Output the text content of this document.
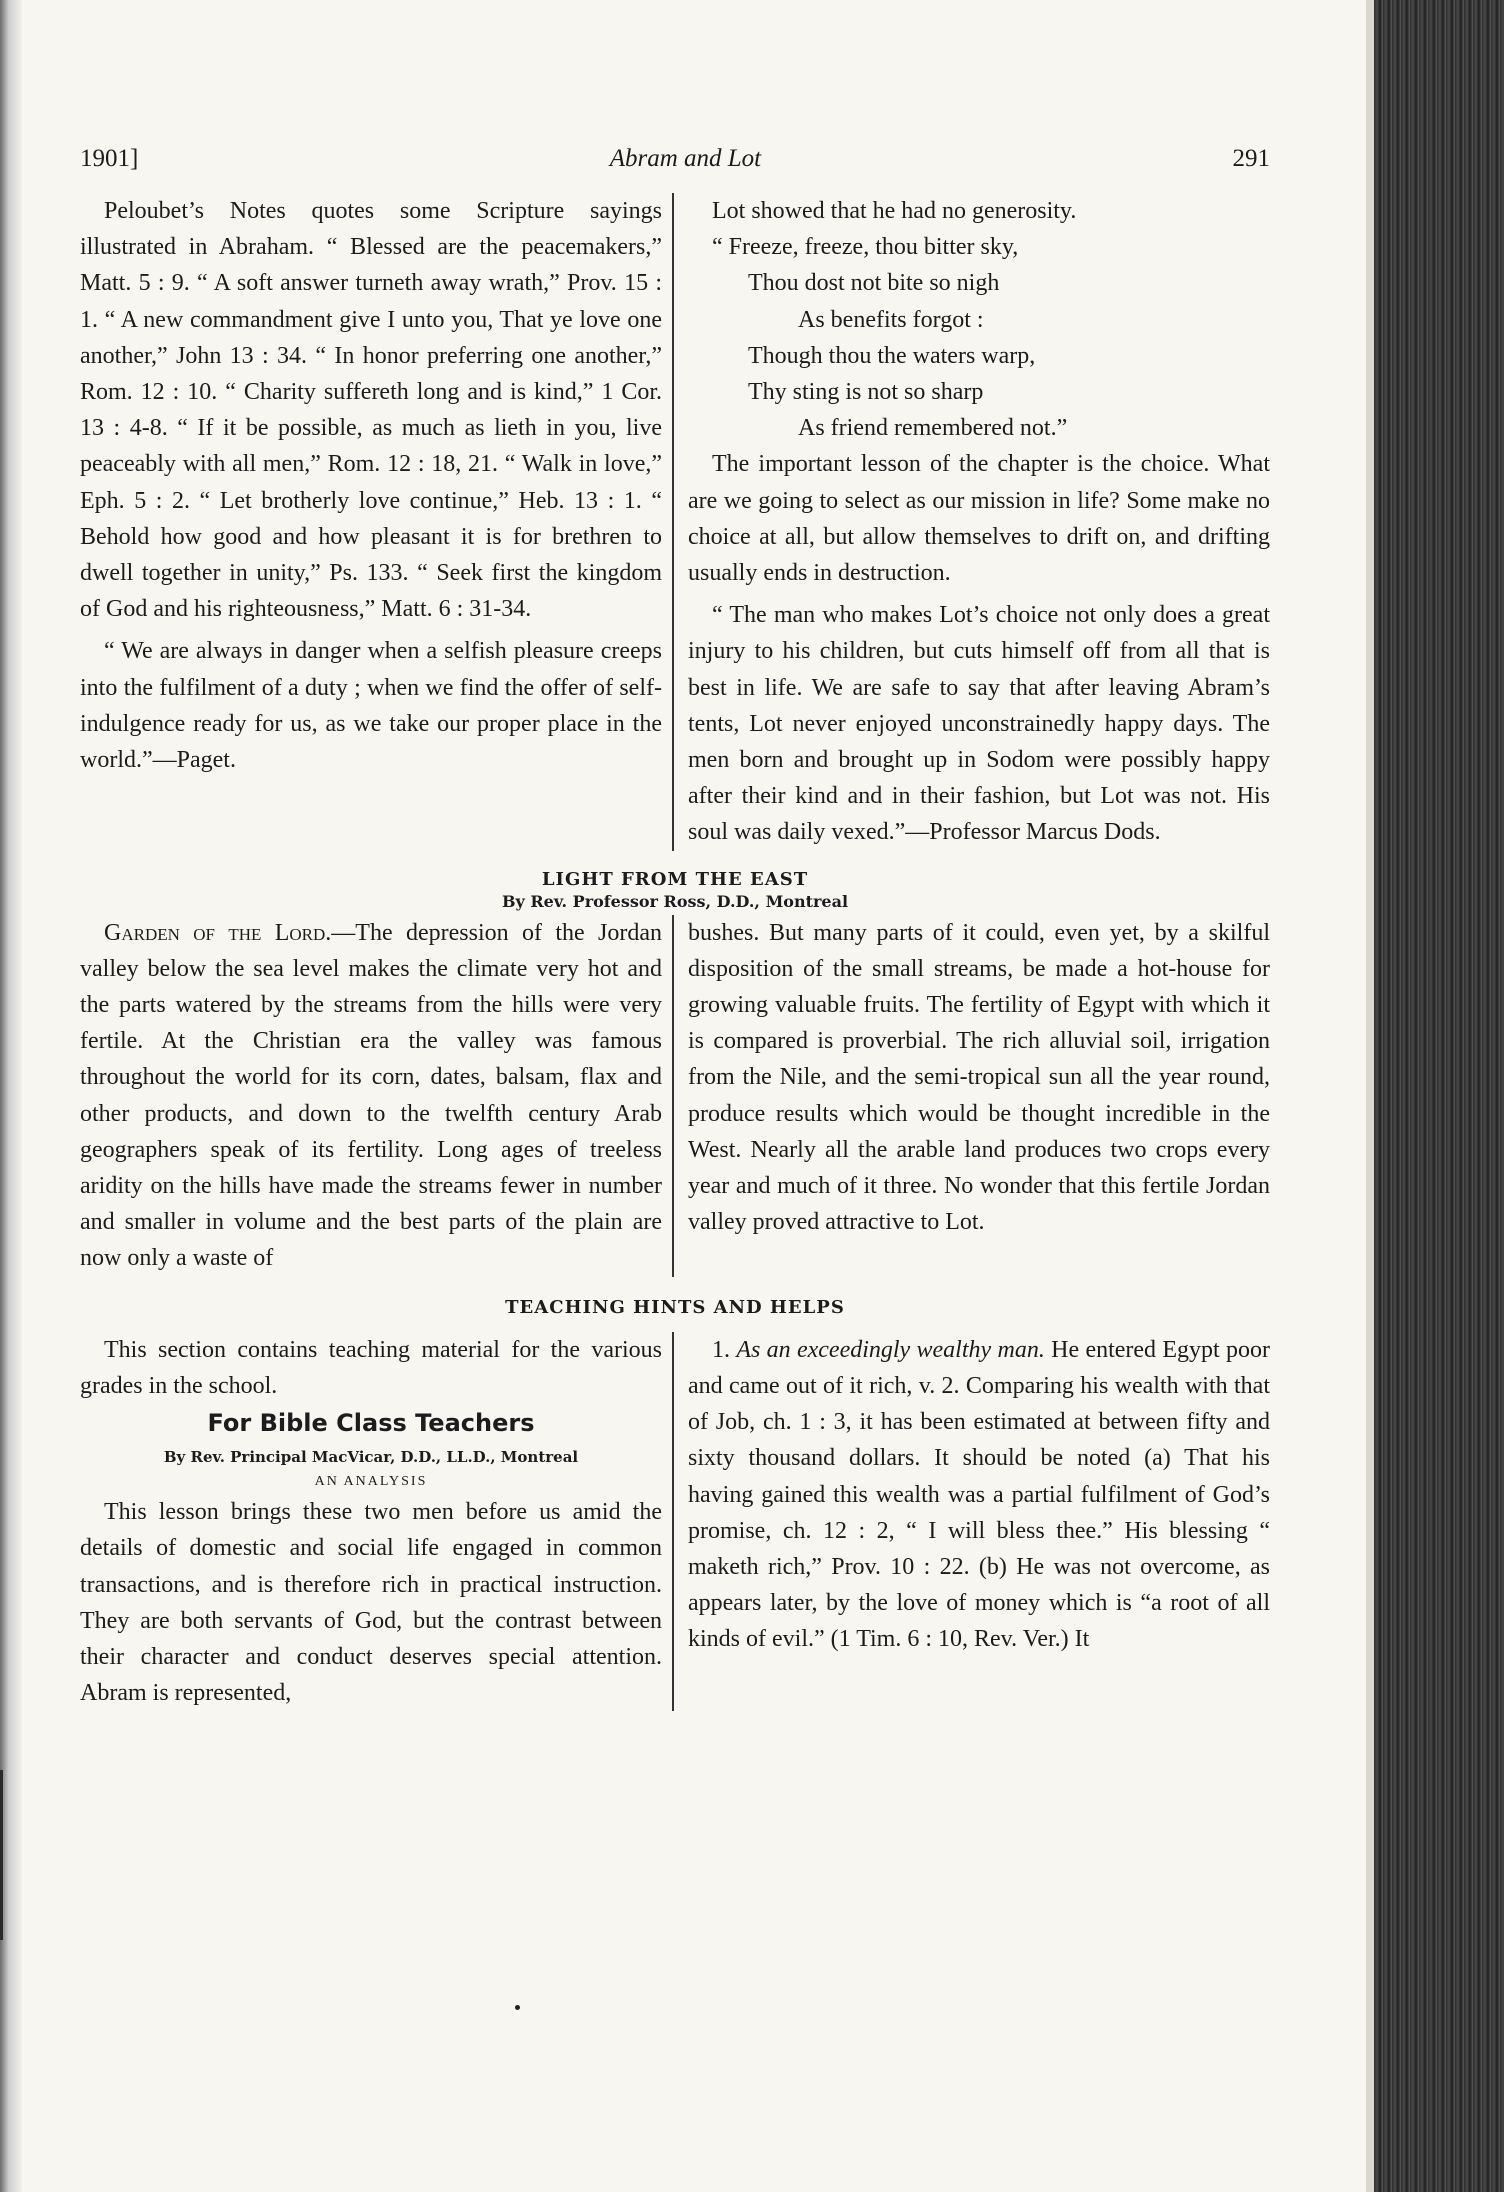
1901]	Abram and Lot	291

Peloubet’s Notes quotes some Scripture sayings illustrated in Abraham. “ Blessed are the peacemakers,” Matt. 5 : 9. “ A soft answer turneth away wrath,” Prov. 15 : 1. “ A new commandment give I unto you, That ye love one another,” John 13 : 34. “ In honor preferring one another,” Rom. 12 : 10. “ Charity suffereth long and is kind,” 1 Cor. 13 : 4-8. “ If it be possible, as much as lieth in you, live peaceably with all men,” Rom. 12 : 18, 21. “ Walk in love,” Eph. 5 : 2. “ Let brotherly love continue,” Heb. 13 : 1. “ Behold how good and how pleasant it is for brethren to dwell together in unity,” Ps. 133. “ Seek first the kingdom of God and his righteousness,” Matt. 6 : 31-34.

“ We are always in danger when a selfish pleasure creeps into the fulfilment of a duty ; when we find the offer of self-indulgence ready for us, as we take our proper place in the world.”—Paget.

Lot showed that he had no generosity.

“ Freeze, freeze, thou bitter sky,
Thou dost not bite so nigh
As benefits forgot :
Though thou the waters warp,
Thy sting is not so sharp
As friend remembered not.”

The important lesson of the chapter is the choice. What are we going to select as our mission in life? Some make no choice at all, but allow themselves to drift on, and drifting usually ends in destruction.

“ The man who makes Lot’s choice not only does a great injury to his children, but cuts himself off from all that is best in life. We are safe to say that after leaving Abram’s tents, Lot never enjoyed unconstrainedly happy days. The men born and brought up in Sodom were possibly happy after their kind and in their fashion, but Lot was not. His soul was daily vexed.”—Professor Marcus Dods.

LIGHT FROM THE EAST
By Rev. Professor Ross, D.D., Montreal

Garden of the Lord.—The depression of the Jordan valley below the sea level makes the climate very hot and the parts watered by the streams from the hills were very fertile. At the Christian era the valley was famous throughout the world for its corn, dates, balsam, flax and other products, and down to the twelfth century Arab geographers speak of its fertility. Long ages of treeless aridity on the hills have made the streams fewer in number and smaller in volume and the best parts of the plain are now only a waste of

bushes. But many parts of it could, even yet, by a skilful disposition of the small streams, be made a hot-house for growing valuable fruits. The fertility of Egypt with which it is compared is proverbial. The rich alluvial soil, irrigation from the Nile, and the semi-tropical sun all the year round, produce results which would be thought incredible in the West. Nearly all the arable land produces two crops every year and much of it three. No wonder that this fertile Jordan valley proved attractive to Lot.

TEACHING HINTS AND HELPS

This section contains teaching material for the various grades in the school.

For Bible Class Teachers
By Rev. Principal MacVicar, D.D., LL.D., Montreal
AN ANALYSIS

This lesson brings these two men before us amid the details of domestic and social life engaged in common transactions, and is therefore rich in practical instruction. They are both servants of God, but the contrast between their character and conduct deserves special attention. Abram is represented,

1. As an exceedingly wealthy man. He entered Egypt poor and came out of it rich, v. 2. Comparing his wealth with that of Job, ch. 1 : 3, it has been estimated at between fifty and sixty thousand dollars. It should be noted (a) That his having gained this wealth was a partial fulfilment of God’s promise, ch. 12 : 2, “ I will bless thee.” His blessing “ maketh rich,” Prov. 10 : 22. (b) He was not overcome, as appears later, by the love of money which is “a root of all kinds of evil.” (1 Tim. 6 : 10, Rev. Ver.) It
